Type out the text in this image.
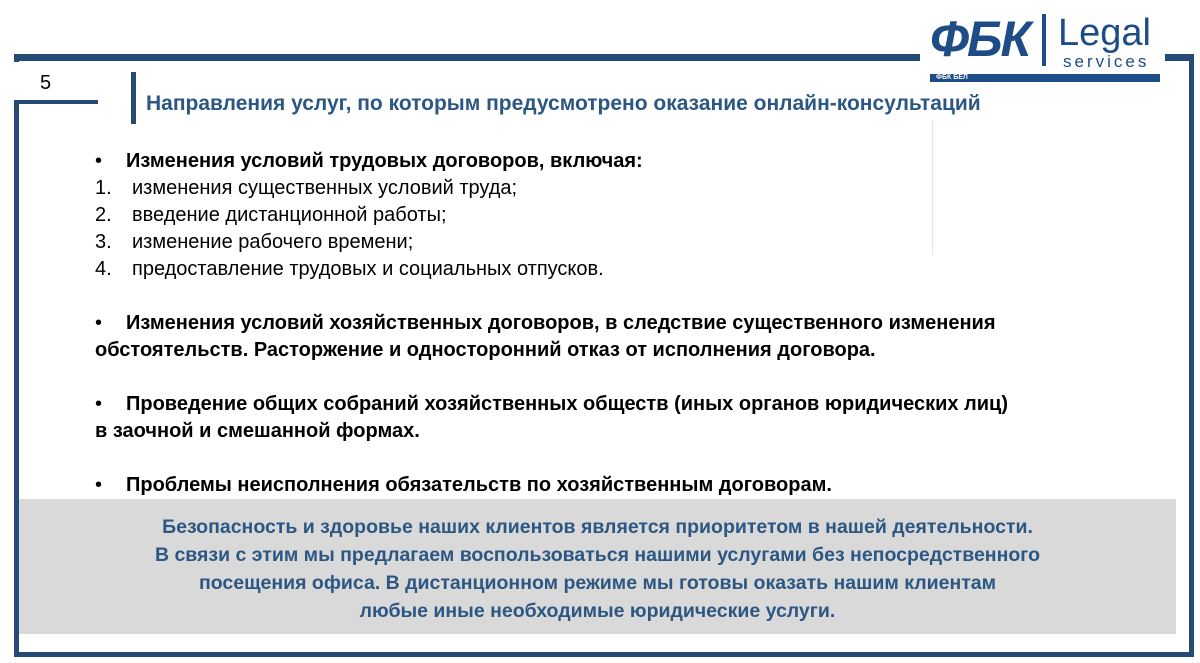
5
ФБК Legal
services
ФБК БЕЛ
Направления услуг, по которым предусмотрено оказание онлайн-консультаций
• Изменения условий трудовых договоров, включая:
1.	изменения существенных условий труда;
2.	введение дистанционной работы;
3.	изменение рабочего времени;
4.	предоставление трудовых и социальных отпусков.
• Изменения условий хозяйственных договоров, в следствие существенного изменения
обстоятельств. Расторжение и односторонний отказ от исполнения договора.
• Проведение общих собраний хозяйственных обществ (иных органов юридических лиц)
в заочной и смешанной формах.
• Проблемы неисполнения обязательств по хозяйственным договорам.
Безопасность и здоровье наших клиентов является приоритетом в нашей деятельности.
В связи с этим мы предлагаем воспользоваться нашими услугами без непосредственного
посещения офиса. В дистанционном режиме мы готовы оказать нашим клиентам
любые иные необходимые юридические услуги.
